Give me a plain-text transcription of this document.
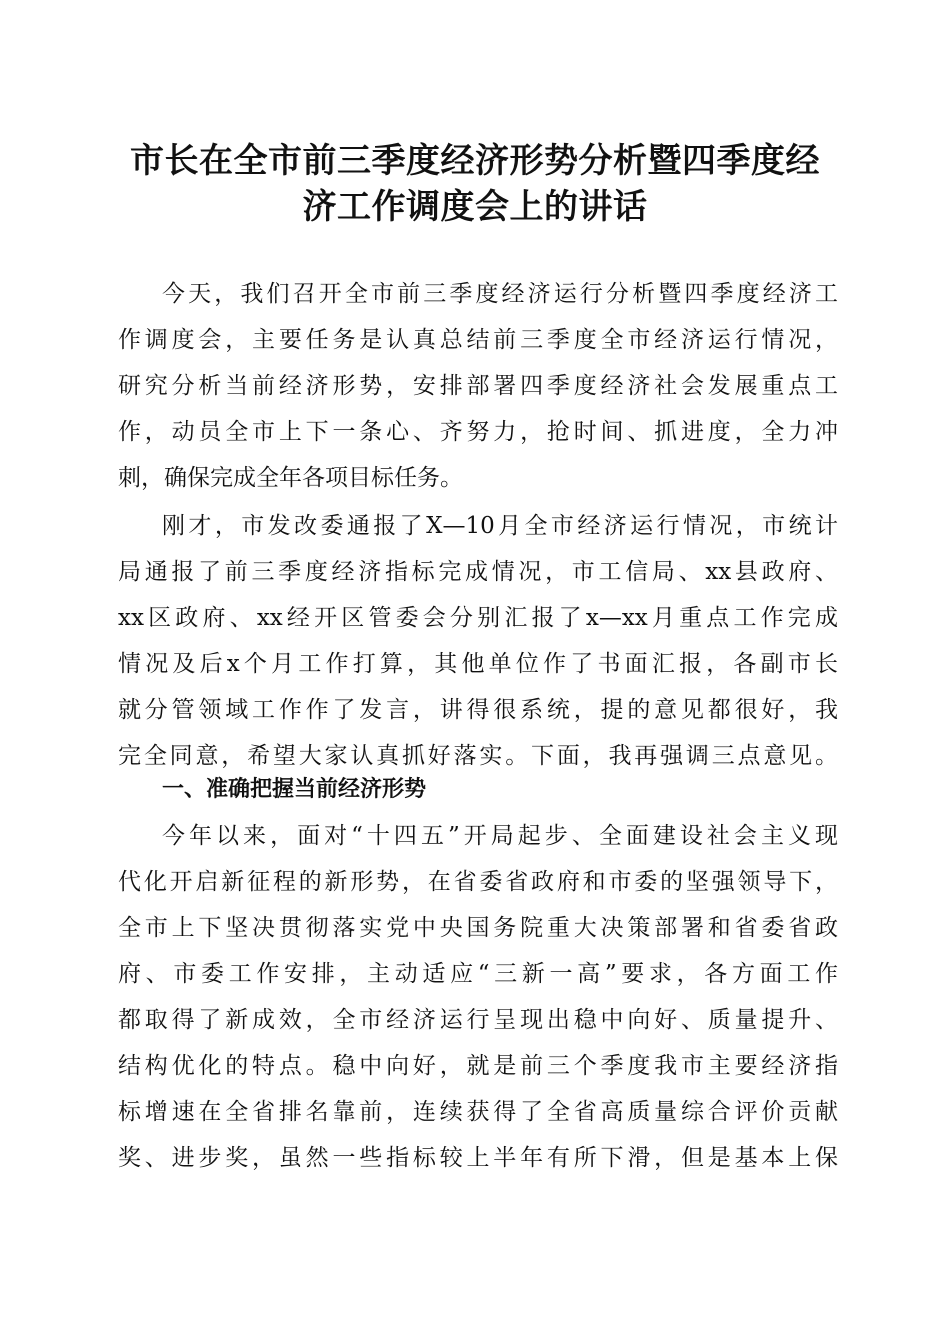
市长在全市前三季度经济形势分析暨四季度经
济工作调度会上的讲话
今天，我们召开全市前三季度经济运行分析暨四季度经济工
作调度会，主要任务是认真总结前三季度全市经济运行情况，
研究分析当前经济形势，安排部署四季度经济社会发展重点工
作，动员全市上下一条心、齐努力，抢时间、抓进度，全力冲
刺，确保完成全年各项目标任务。
刚才，市发改委通报了X—10月全市经济运行情况，市统计
局通报了前三季度经济指标完成情况，市工信局、xx县政府、
xx区政府、xx经开区管委会分别汇报了x—xx月重点工作完成
情况及后x个月工作打算，其他单位作了书面汇报，各副市长
就分管领域工作作了发言，讲得很系统，提的意见都很好，我
完全同意，希望大家认真抓好落实。下面，我再强调三点意见。
一、准确把握当前经济形势
今年以来，面对“十四五”开局起步、全面建设社会主义现
代化开启新征程的新形势，在省委省政府和市委的坚强领导下，
全市上下坚决贯彻落实党中央国务院重大决策部署和省委省政
府、市委工作安排，主动适应“三新一高”要求，各方面工作
都取得了新成效，全市经济运行呈现出稳中向好、质量提升、
结构优化的特点。稳中向好，就是前三个季度我市主要经济指
标增速在全省排名靠前，连续获得了全省高质量综合评价贡献
奖、进步奖，虽然一些指标较上半年有所下滑，但是基本上保
